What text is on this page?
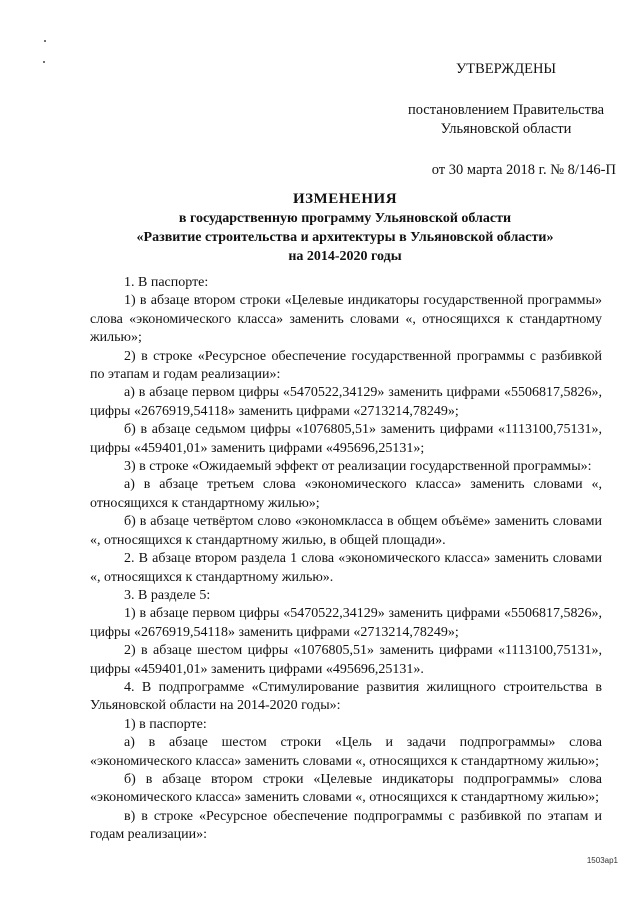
УТВЕРЖДЕНЫ
постановлением Правительства
Ульяновской области
от 30 марта 2018 г. № 8/146-П
ИЗМЕНЕНИЯ
в государственную программу Ульяновской области
«Развитие строительства и архитектуры в Ульяновской области»
на 2014-2020 годы

1. В паспорте:

1) в абзаце втором строки «Целевые индикаторы государственной программы» слова «экономического класса» заменить словами «, относящихся к стандартному жилью»;

2) в строке «Ресурсное обеспечение государственной программы с разбивкой по этапам и годам реализации»:

а) в абзаце первом цифры «5470522,34129» заменить цифрами «5506817,5826», цифры «2676919,54118» заменить цифрами «2713214,78249»;

б) в абзаце седьмом цифры «1076805,51» заменить цифрами «1113100,75131», цифры «459401,01» заменить цифрами «495696,25131»;

3) в строке «Ожидаемый эффект от реализации государственной программы»:

а) в абзаце третьем слова «экономического класса» заменить словами «, относящихся к стандартному жилью»;

б) в абзаце четвёртом слово «экономкласса в общем объёме» заменить словами «, относящихся к стандартному жилью, в общей площади».

2. В абзаце втором раздела 1 слова «экономического класса» заменить словами «, относящихся к стандартному жилью».

3. В разделе 5:

1) в абзаце первом цифры «5470522,34129» заменить цифрами «5506817,5826», цифры «2676919,54118» заменить цифрами «2713214,78249»;

2) в абзаце шестом цифры «1076805,51» заменить цифрами «1113100,75131», цифры «459401,01» заменить цифрами «495696,25131».

4. В подпрограмме «Стимулирование развития жилищного строительства в Ульяновской области на 2014-2020 годы»:

1) в паспорте:

а) в абзаце шестом строки «Цель и задачи подпрограммы» слова «экономического класса» заменить словами «, относящихся к стандартному жилью»;

б) в абзаце втором строки «Целевые индикаторы подпрограммы» слова «экономического класса» заменить словами «, относящихся к стандартному жилью»;

в) в строке «Ресурсное обеспечение подпрограммы с разбивкой по этапам и годам реализации»:

1503ар1
